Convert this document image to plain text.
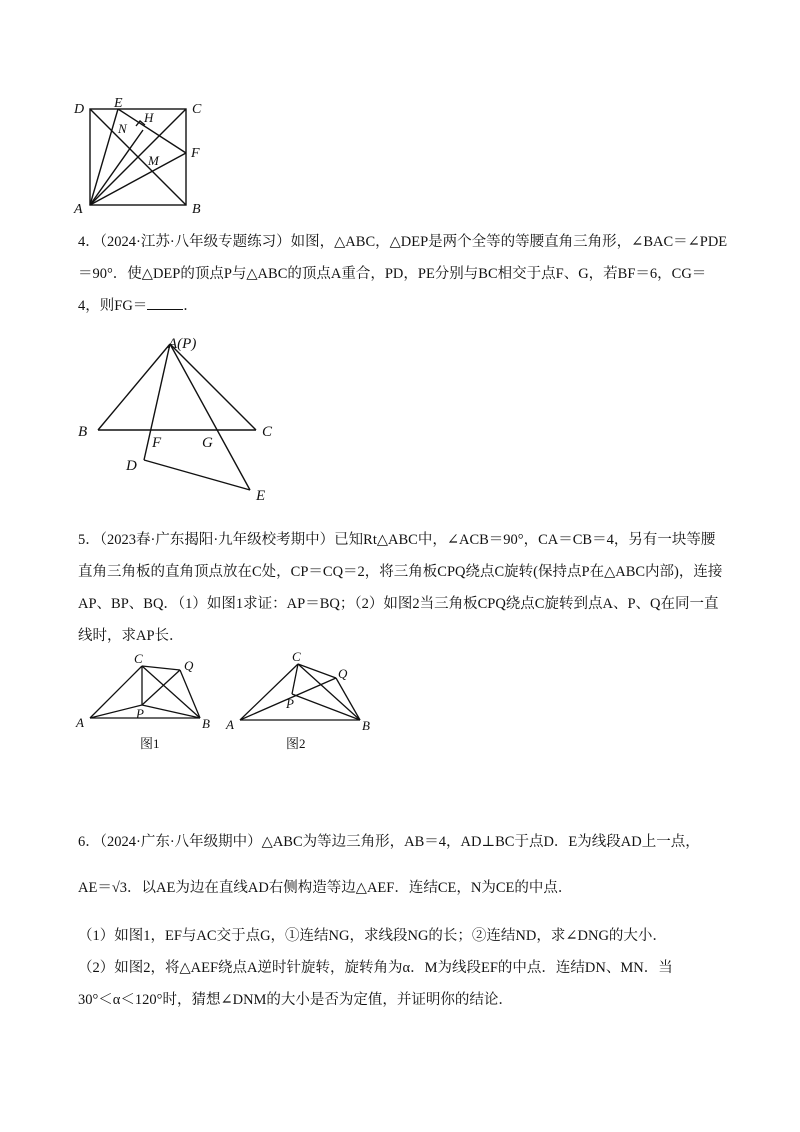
D E	C
N
H
F
M
A	B

4．（2024·江苏·八年级专题练习）如图，△ABC，△DEP是两个全等的等腰直角三角形，∠BAC＝∠PDE＝90°．使△DEP的顶点P与△ABC的顶点A重合，PD，PE分别与BC相交于点F、G，若BF＝6，CG＝4，则FG＝ ．

A(P)
B
F	G
C
D
E

5．（2023春·广东揭阳·九年级校考期中）已知Rt△ABC中，∠ACB＝90°，CA＝CB＝4，另有一块等腰直角三角板的直角顶点放在C处，CP＝CQ＝2，将三角板CPQ绕点C旋转(保持点P在△ABC内部)，连接AP、BP、BQ．（1）如图1求证：AP＝BQ；（2）如图2当三角板CPQ绕点C旋转到点A、P、Q在同一直线时，求AP长．

C	Q
P
A	B
图1
C
Q
P
A	B
图2
6．（2024·广东·八年级期中）△ABC为等边三角形，AB＝4，AD⊥BC于点D．E为线段AD上一点，
AE＝√3．以AE为边在直线AD右侧构造等边△AEF．连结CE，N为CE的中点．
（1）如图1，EF与AC交于点G，①连结NG，求线段NG的长；②连结ND，求∠DNG的大小．
（2）如图2，将△AEF绕点A逆时针旋转，旋转角为α．M为线段EF的中点．连结DN、MN．当
30°＜α＜120°时，猜想∠DNM的大小是否为定值，并证明你的结论．
